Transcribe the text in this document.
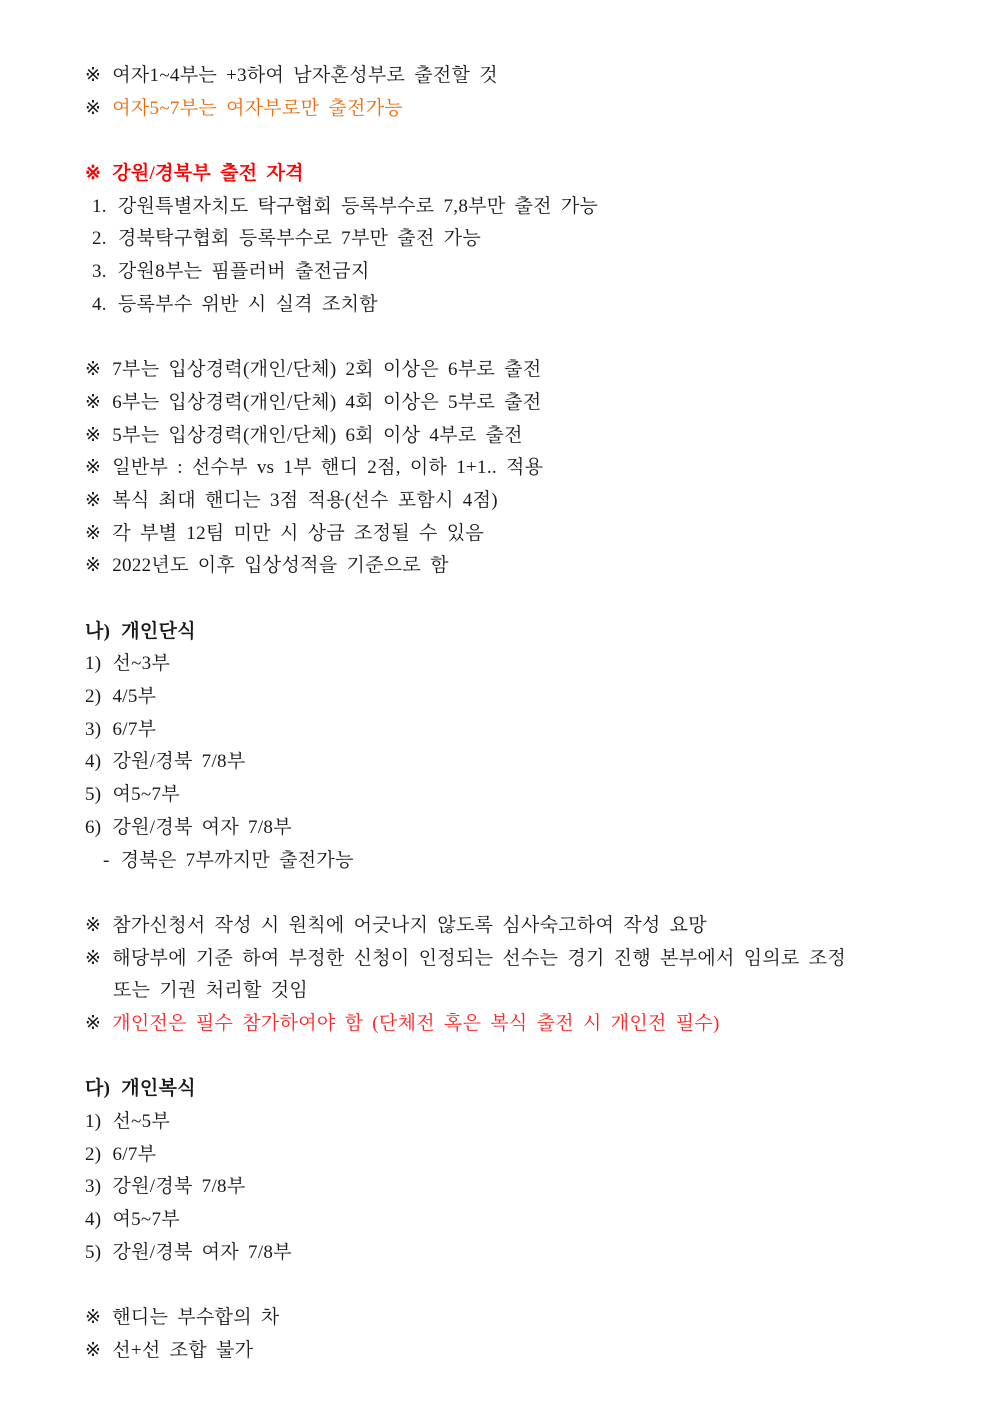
※ 여자1~4부는 +3하여 남자혼성부로 출전할 것
※ 여자5~7부는 여자부로만 출전가능
※ 강원/경북부 출전 자격
1. 강원특별자치도 탁구협회 등록부수로 7,8부만 출전 가능
2. 경북탁구협회 등록부수로 7부만 출전 가능
3. 강원8부는 핌플러버 출전금지
4. 등록부수 위반 시 실격 조치함
※ 7부는 입상경력(개인/단체) 2회 이상은 6부로 출전
※ 6부는 입상경력(개인/단체) 4회 이상은 5부로 출전
※ 5부는 입상경력(개인/단체) 6회 이상 4부로 출전
※ 일반부 : 선수부 vs 1부 핸디 2점, 이하 1+1.. 적용
※ 복식 최대 핸디는 3점 적용(선수 포함시 4점)
※ 각 부별 12팀 미만 시 상금 조정될 수 있음
※ 2022년도 이후 입상성적을 기준으로 함
나) 개인단식
1) 선~3부
2) 4/5부
3) 6/7부
4) 강원/경북 7/8부
5) 여5~7부
6) 강원/경북 여자 7/8부
- 경북은 7부까지만 출전가능
※ 참가신청서 작성 시 원칙에 어긋나지 않도록 심사숙고하여 작성 요망
※ 해당부에 기준 하여 부정한 신청이 인정되는 선수는 경기 진행 본부에서 임의로 조정
또는 기권 처리할 것임
※ 개인전은 필수 참가하여야 함 (단체전 혹은 복식 출전 시 개인전 필수)
다) 개인복식
1) 선~5부
2) 6/7부
3) 강원/경북 7/8부
4) 여5~7부
5) 강원/경북 여자 7/8부
※ 핸디는 부수합의 차
※ 선+선 조합 불가
